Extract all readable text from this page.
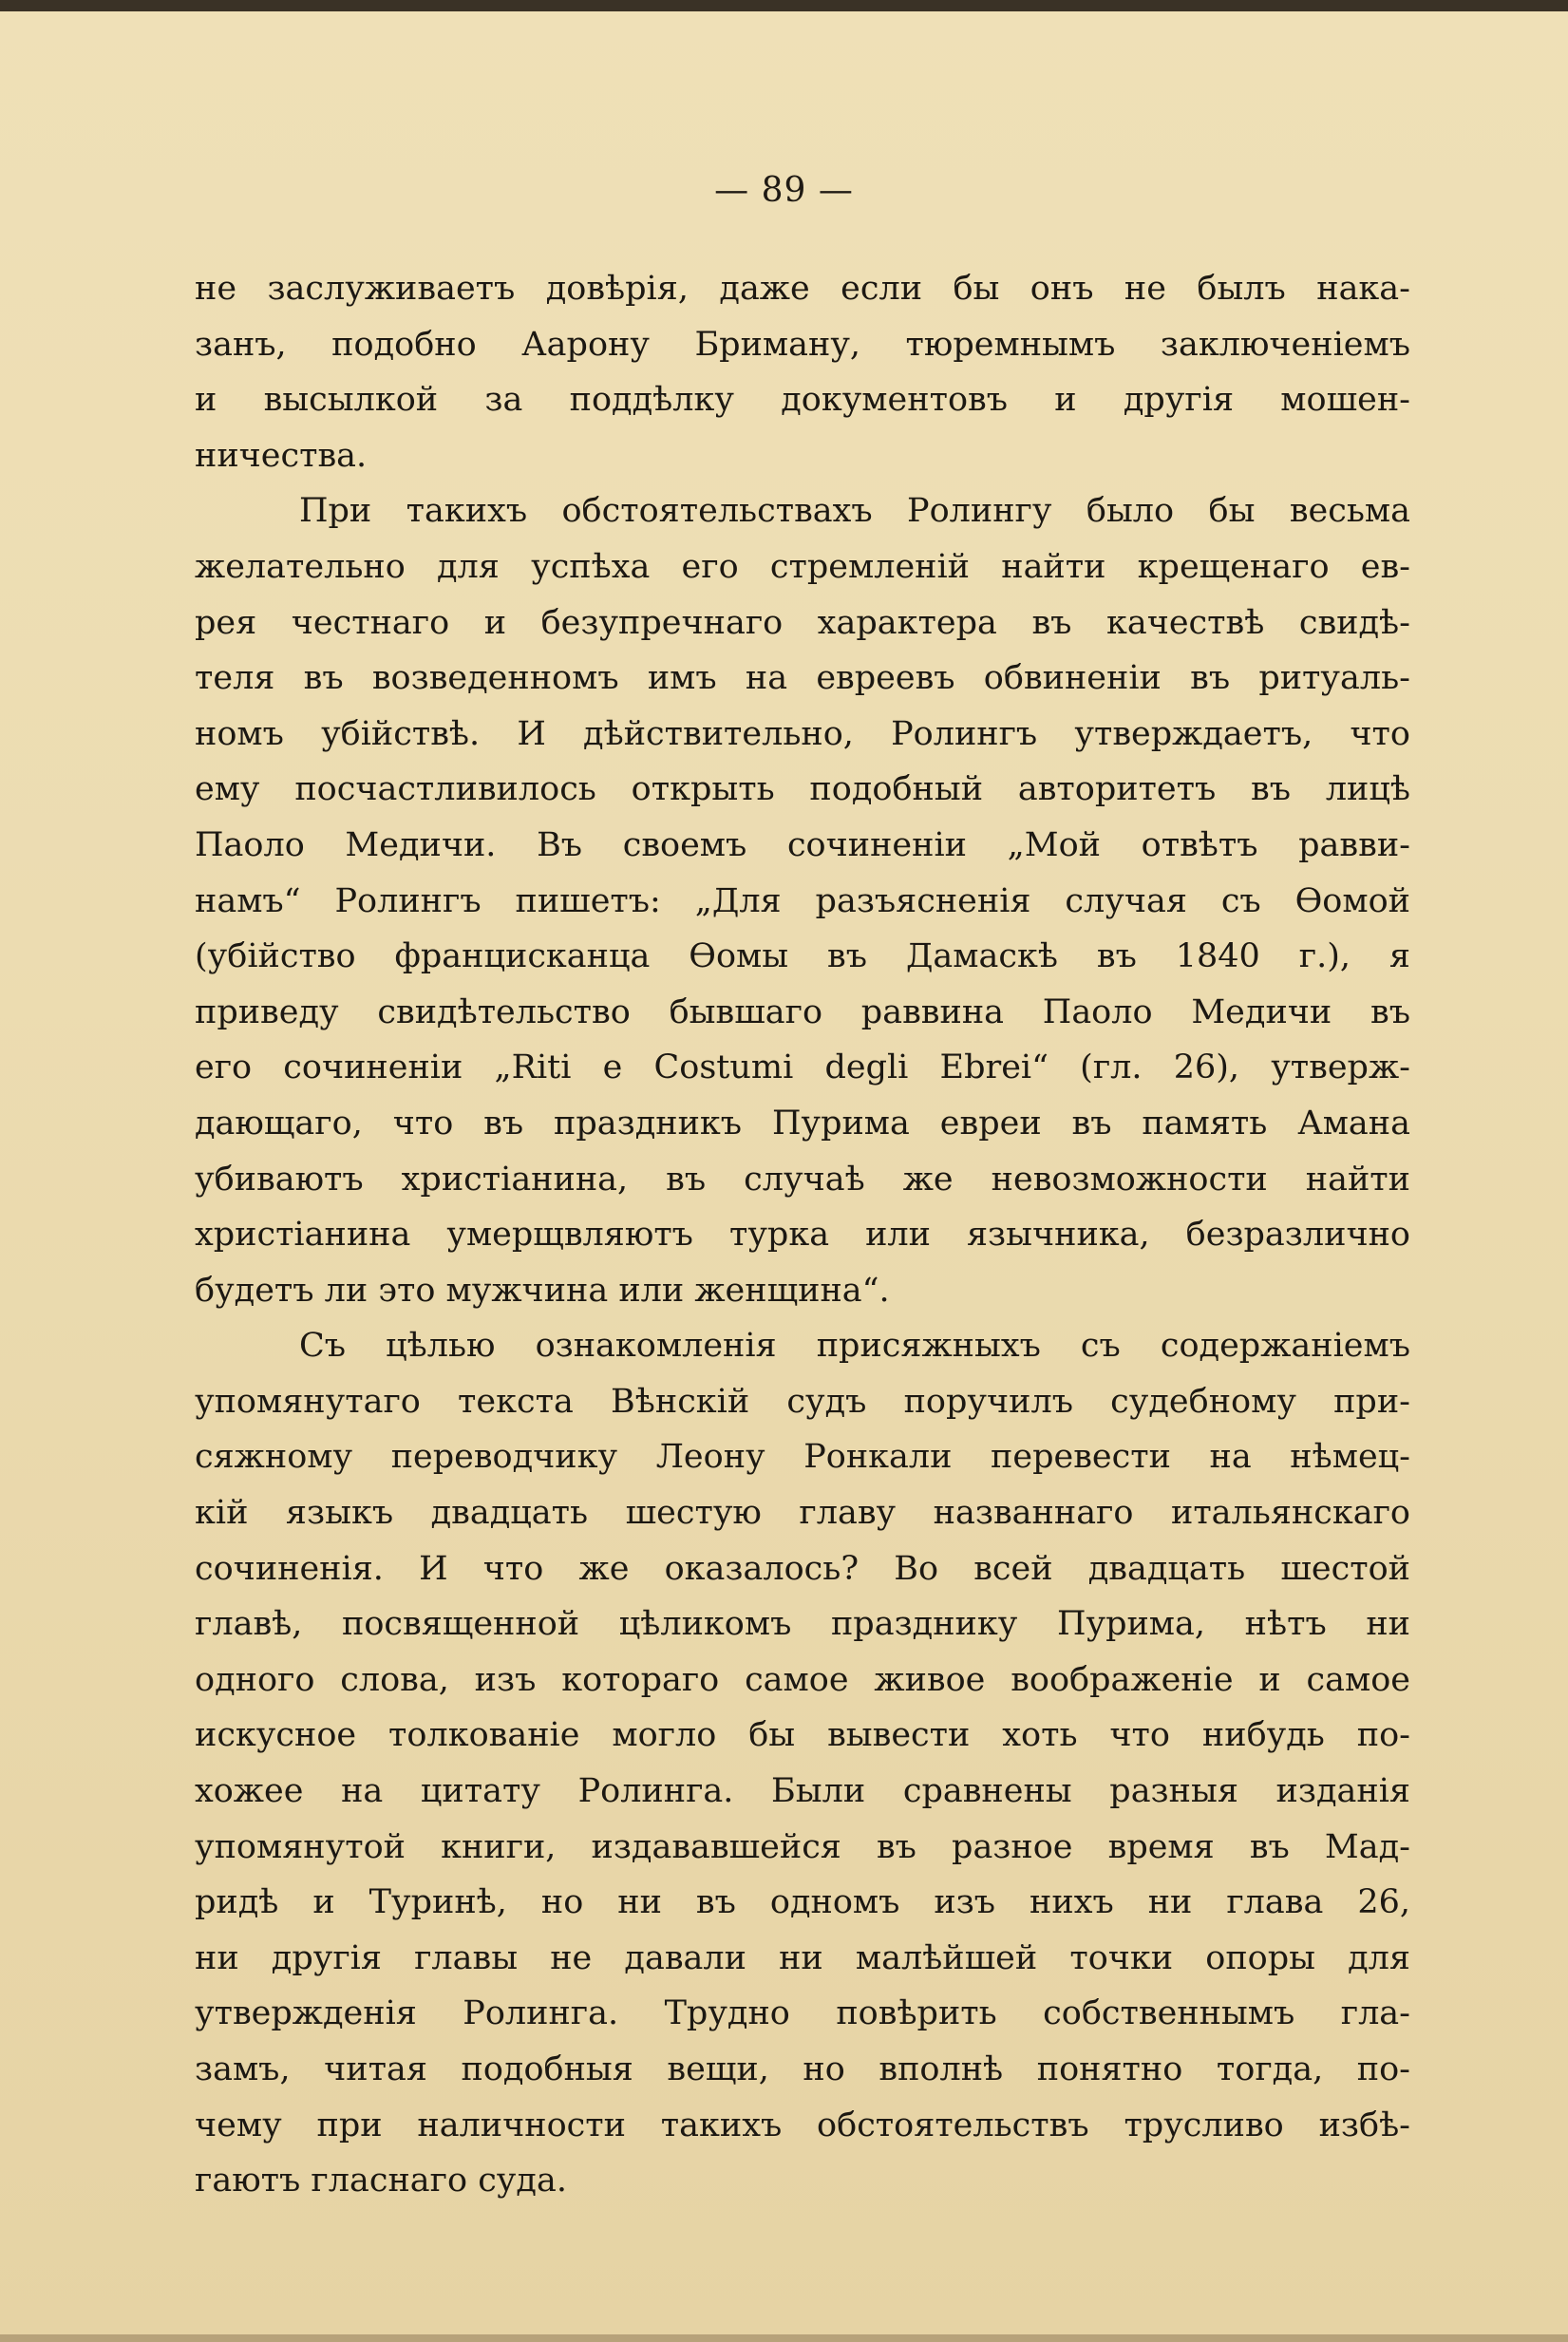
— 89 —
не заслуживаетъ довѣрія, даже если бы онъ не былъ нака-
занъ, подобно Аарону Бриману, тюремнымъ заключеніемъ
и высылкой за поддѣлку документовъ и другія мошен-
ничества.
При такихъ обстоятельствахъ Ролингу было бы весьма
желательно для успѣха его стремленій найти крещенаго ев-
рея честнаго и безупречнаго характера въ качествѣ свидѣ-
теля въ возведенномъ имъ на евреевъ обвиненіи въ ритуаль-
номъ убійствѣ. И дѣйствительно, Ролингъ утверждаетъ, что
ему посчастливилось открыть подобный авторитетъ въ лицѣ
Паоло Медичи. Въ своемъ сочиненіи „Мой отвѣтъ равви-
намъ“ Ролингъ пишетъ: „Для разъясненія случая съ Ѳомой
(убійство францисканца Ѳомы въ Дамаскѣ въ 1840 г.), я
приведу свидѣтельство бывшаго раввина Паоло Медичи въ
его сочиненіи „Riti e Costumi degli Ebrei“ (гл. 26), утверж-
дающаго, что въ праздникъ Пурима евреи въ память Амана
убиваютъ христіанина, въ случаѣ же невозможности найти
христіанина умерщвляютъ турка или язычника, безразлично
будетъ ли это мужчина или женщина“.
Съ цѣлью ознакомленія присяжныхъ съ содержаніемъ
упомянутаго текста Вѣнскій судъ поручилъ судебному при-
сяжному переводчику Леону Ронкали перевести на нѣмец-
кій языкъ двадцать шестую главу названнаго итальянскаго
сочиненія. И что же оказалось? Во всей двадцать шестой
главѣ, посвященной цѣликомъ празднику Пурима, нѣтъ ни
одного слова, изъ котораго самое живое воображеніе и самое
искусное толкованіе могло бы вывести хоть что нибудь по-
хожее на цитату Ролинга. Были сравнены разныя изданія
упомянутой книги, издававшейся въ разное время въ Мад-
ридѣ и Туринѣ, но ни въ одномъ изъ нихъ ни глава 26,
ни другія главы не давали ни малѣйшей точки опоры для
утвержденія Ролинга. Трудно повѣрить собственнымъ гла-
замъ, читая подобныя вещи, но вполнѣ понятно тогда, по-
чему при наличности такихъ обстоятельствъ трусливо избѣ-
гаютъ гласнаго суда.
